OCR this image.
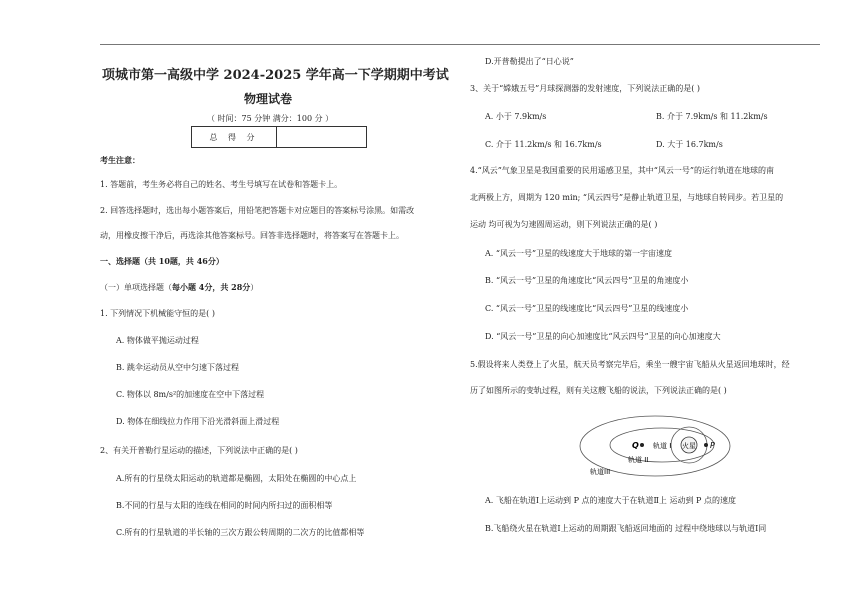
项城市第一高级中学 2024-2025 学年高一下学期期中考试
物理试卷
（ 时间：75 分钟 满分：100 分 ）
总 得 分
考生注意：
1. 答题前，考生务必将自己的姓名、考生号填写在试卷和答题卡上。
2. 回答选择题时，选出每小题答案后，用铅笔把答题卡对应题目的答案标号涂黑。如需改
动，用橡皮擦干净后，再选涂其他答案标号。回答非选择题时，将答案写在答题卡上。
一、选择题（共 10题，共 46分）
（一）单项选择题（每小题 4分，共 28分）
1. 下列情况下机械能守恒的是( )
A. 物体做平抛运动过程
B. 跳伞运动员从空中匀速下落过程
C. 物体以 8m/s²的加速度在空中下落过程
D. 物体在细线拉力作用下沿光滑斜面上滑过程
2、有关开普勒行星运动的描述，下列说法中正确的是( )
A.所有的行星绕太阳运动的轨道都是椭圆，太阳处在椭圆的中心点上
B.不同的行星与太阳的连线在相同的时间内所扫过的面积相等
C.所有的行星轨道的半长轴的三次方跟公转周期的二次方的比值都相等
D.开普勒提出了“日心说”
3、关于“嫦娥五号”月球探测器的发射速度，下列说法正确的是( )
A. 小于 7.9km/s	B. 介于 7.9km/s 和 11.2km/s
C. 介于 11.2km/s 和 16.7km/s	D. 大于 16.7km/s
4.“风云”气象卫星是我国重要的民用遥感卫星，其中“风云一号”的运行轨道在地球的南
北两极上方，周期为 120 min; “风云四号”是静止轨道卫星，与地球自转同步。若卫星的
运动 均可视为匀速圆周运动，则下列说法正确的是( )
A. “风云一号”卫星的线速度大于地球的第一宇宙速度
B. “风云一号”卫星的角速度比“风云四号”卫星的角速度小
C. “风云一号”卫星的线速度比“风云四号”卫星的线速度小
D. “风云一号”卫星的向心加速度比“风云四号”卫星的向心加速度大
5.假设将来人类登上了火星，航天员考察完毕后，乘坐一艘宇宙飞船从火星返回地球时，经
历了如图所示的变轨过程，则有关这艘飞船的说法，下列说法正确的是( )
Q	P
火星
轨道 I
轨道 II
轨道III
A. 飞船在轨道Ⅰ上运动到 P 点的速度大于在轨道Ⅱ上 运动到 P 点的速度
B.飞船绕火星在轨道Ⅰ上运动的周期跟飞船返回地面的 过程中绕地球以与轨道Ⅰ同
